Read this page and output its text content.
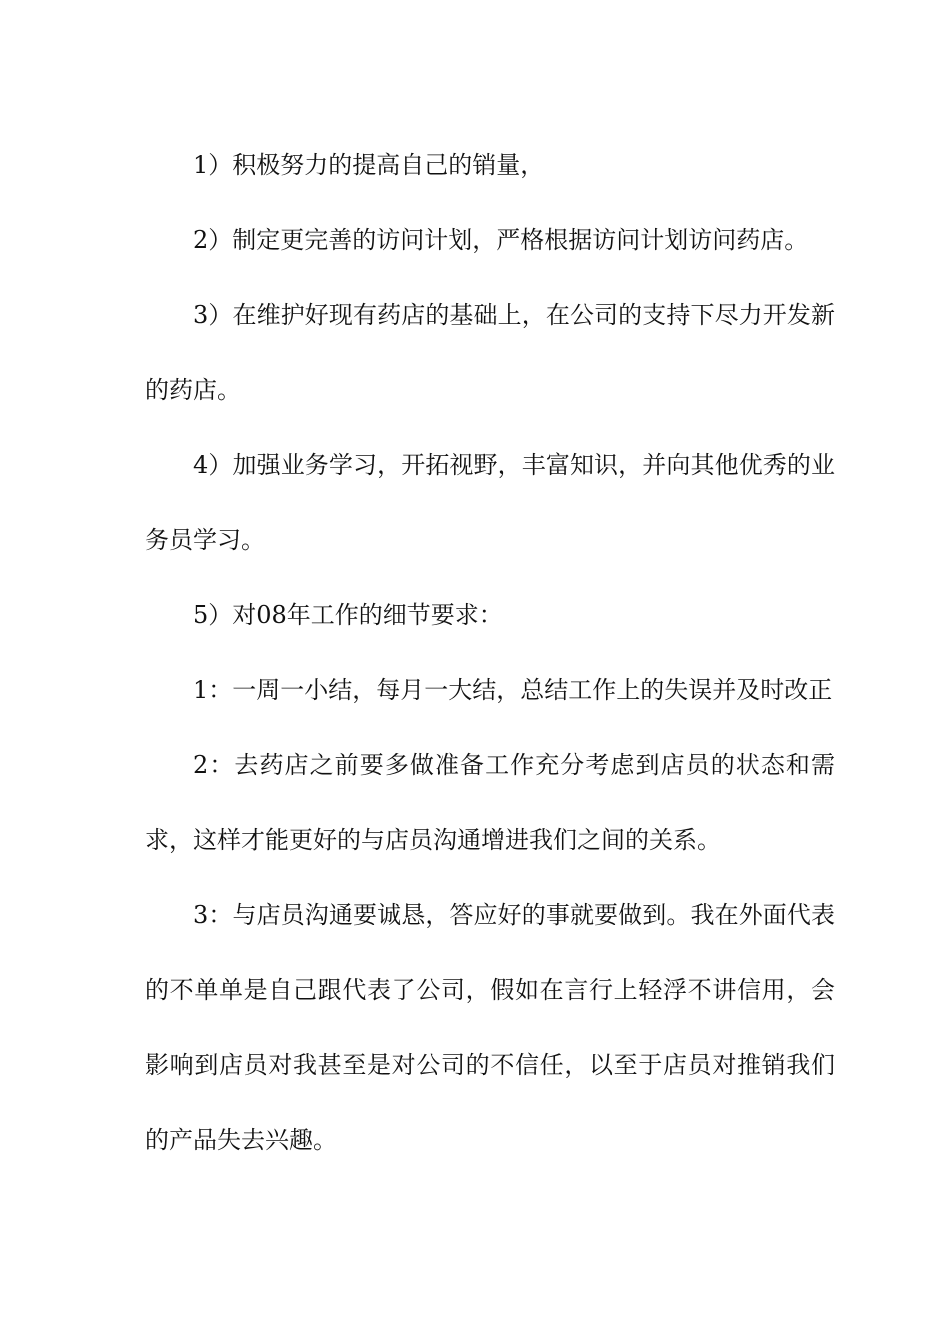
1）积极努力的提高自己的销量，

2）制定更完善的访问计划，严格根据访问计划访问药店。

3）在维护好现有药店的基础上，在公司的支持下尽力开发新的药店。

4）加强业务学习，开拓视野，丰富知识，并向其他优秀的业务员学习。

5）对08年工作的细节要求：

1：一周一小结，每月一大结，总结工作上的失误并及时改正

2：去药店之前要多做准备工作充分考虑到店员的状态和需求，这样才能更好的与店员沟通增进我们之间的关系。

3：与店员沟通要诚恳，答应好的事就要做到。我在外面代表的不单单是自己跟代表了公司，假如在言行上轻浮不讲信用，会影响到店员对我甚至是对公司的不信任，以至于店员对推销我们的产品失去兴趣。
